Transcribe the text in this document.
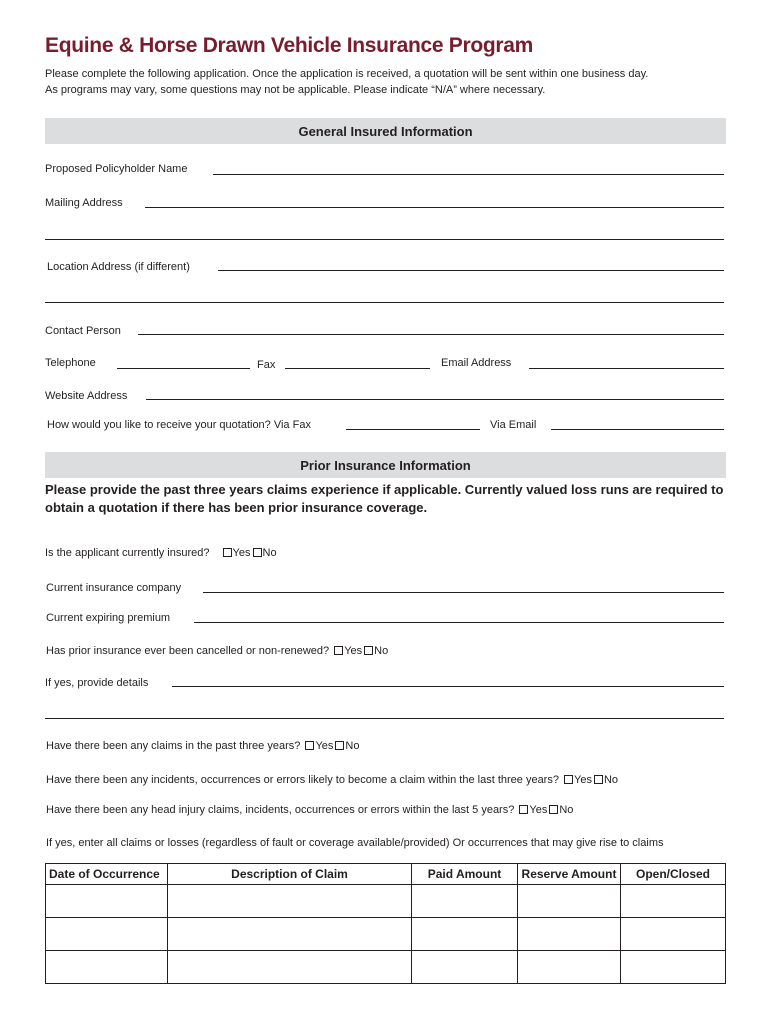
Equine & Horse Drawn Vehicle Insurance Program
Please complete the following application. Once the application is received, a quotation will be sent within one business day.
As programs may vary, some questions may not be applicable. Please indicate “N/A” where necessary.
General Insured Information
Proposed Policyholder Name
Mailing Address
Location Address (if different)
Contact Person
Telephone	Fax	Email Address
Website Address
How would you like to receive your quotation? Via Fax	Via Email
Prior Insurance Information
Please provide the past three years claims experience if applicable. Currently valued loss runs are required to obtain a quotation if there has been prior insurance coverage.
Is the applicant currently insured? Yes No
Current insurance company
Current expiring premium
Has prior insurance ever been cancelled or non-renewed? Yes No
If yes, provide details
Have there been any claims in the past three years? Yes No
Have there been any incidents, occurrences or errors likely to become a claim within the last three years? Yes No
Have there been any head injury claims, incidents, occurrences or errors within the last 5 years? Yes No
If yes, enter all claims or losses (regardless of fault or coverage available/provided) Or occurrences that may give rise to claims
Date of Occurrence	Description of Claim	Paid Amount	Reserve Amount	Open/Closed
